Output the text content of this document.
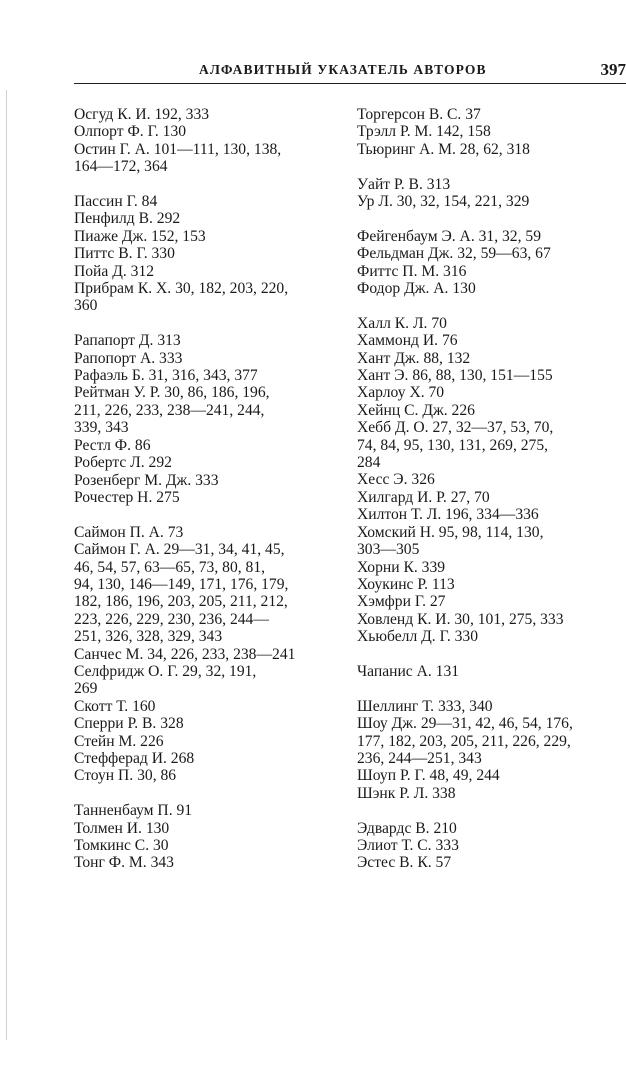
АЛФАВИТНЫЙ УКАЗАТЕЛЬ АВТОРОВ	397
Осгуд К. И. 192, 333
Олпорт Ф. Г. 130
Остин Г. А. 101—111, 130, 138,
164—172, 364
Пассин Г. 84
Пенфилд В. 292
Пиаже Дж. 152, 153
Питтс В. Г. 330
Пойа Д. 312
Прибрам К. Х. 30, 182, 203, 220,
360
Рапапорт Д. 313
Рапопорт А. 333
Рафаэль Б. 31, 316, 343, 377
Рейтман У. Р. 30, 86, 186, 196,
211, 226, 233, 238—241, 244,
339, 343
Рестл Ф. 86
Робертс Л. 292
Розенберг М. Дж. 333
Рочестер Н. 275
Саймон П. А. 73
Саймон Г. А. 29—31, 34, 41, 45,
46, 54, 57, 63—65, 73, 80, 81,
94, 130, 146—149, 171, 176, 179,
182, 186, 196, 203, 205, 211, 212,
223, 226, 229, 230, 236, 244—
251, 326, 328, 329, 343
Санчес М. 34, 226, 233, 238—241
Селфридж О. Г. 29, 32, 191,
269
Скотт Т. 160
Сперри Р. В. 328
Стейн М. 226
Стефферад И. 268
Стоун П. 30, 86
Танненбаум П. 91
Толмен И. 130
Томкинс С. 30
Тонг Ф. М. 343
Торгерсон В. С. 37
Трэлл Р. М. 142, 158
Тьюринг А. М. 28, 62, 318
Уайт Р. В. 313
Ур Л. 30, 32, 154, 221, 329
Фейгенбаум Э. А. 31, 32, 59
Фельдман Дж. 32, 59—63, 67
Фиттс П. М. 316
Фодор Дж. А. 130
Халл К. Л. 70
Хаммонд И. 76
Хант Дж. 88, 132
Хант Э. 86, 88, 130, 151—155
Харлоу Х. 70
Хейнц С. Дж. 226
Хебб Д. О. 27, 32—37, 53, 70,
74, 84, 95, 130, 131, 269, 275,
284
Хесс Э. 326
Хилгард И. Р. 27, 70
Хилтон Т. Л. 196, 334—336
Хомский Н. 95, 98, 114, 130,
303—305
Хорни К. 339
Хоукинс Р. 113
Хэмфри Г. 27
Ховленд К. И. 30, 101, 275, 333
Хьюбелл Д. Г. 330
Чапанис А. 131
Шеллинг Т. 333, 340
Шоу Дж. 29—31, 42, 46, 54, 176,
177, 182, 203, 205, 211, 226, 229,
236, 244—251, 343
Шоуп Р. Г. 48, 49, 244
Шэнк Р. Л. 338
Эдвардс В. 210
Элиот Т. С. 333
Эстес В. К. 57
